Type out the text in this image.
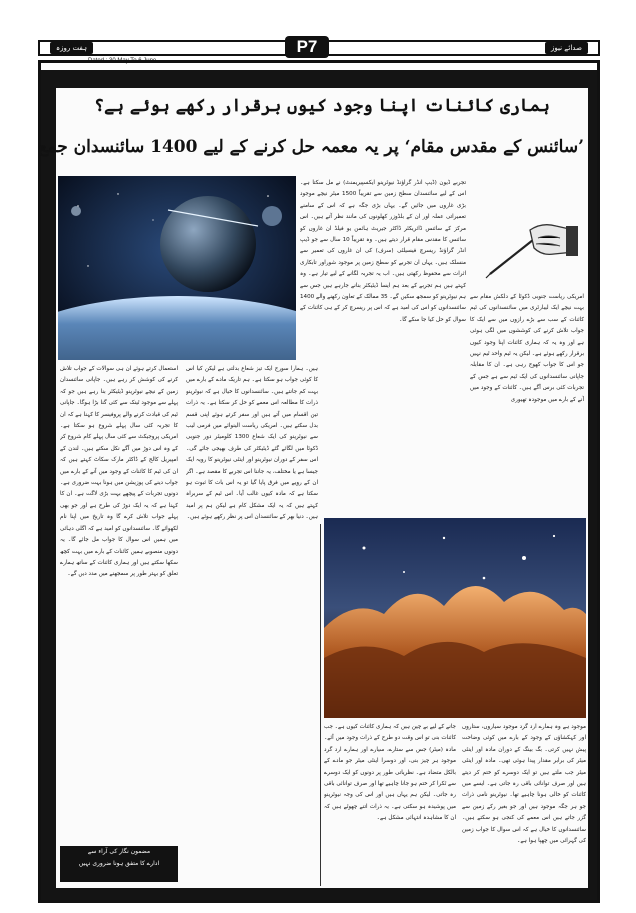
ہفت روزہ	صدائے نیوز
P7
Dated : 30 May To 6 June
ہماری کائنات اپنا وجود کیوں برقرار رکھے ہوئے ہے؟
’سائنس کے مقدس مقام‘ پر یہ معمہ حل کرنے کے لیے 1400 سائنسدان جمع
تجربے ڈیون (ڈیپ انڈر گراؤنڈ نیوٹرینو ایکسپیریمنٹ) نے مل سکتا ہے۔ اس کے لیے سائنسدان سطح زمین سے تقریباً 1500 میٹر نیچے موجود بڑی غاروں میں جائیں گے۔ یہاں بڑی جگہ ہے کہ اس کے سامنے تعمیراتی عملہ اور ان کے بلڈوزر کھلونوں کی مانند نظر آتے ہیں۔ اس مرکز کے سائنس ڈائریکٹر ڈاکٹر جیریٹ ہائمن یو فیلڈ ان غاروں کو سائنس کا مقدس مقام قرار دیتے ہیں۔ وہ تقریباً 10 سال سے جو ڈیپ انڈر گراؤنڈ ریسرچ فیسیلٹی (سرف) کی ان غاروں کی تعمیر سے منسلک ہیں۔ یہاں ان تجربے کو سطح زمین پر موجود شوراور تابکاری اثرات سے محفوظ رکھتی ہیں۔ اب یہ تجربہ لگانے کے لیے تیار ہے۔ وہ کہتے ہیں ہم تجربے کے بعد ہم ایسا ڈیٹیکٹر بنانے جارہے ہیں جس سے ہم نیوٹرینو کو سمجھ سکیں گے۔ 35 ممالک کے تعاون رکھنے والے 1400 سائنسدانوں کو اس کی امید ہے کہ اس پر ریسرچ کر کے ہی کائنات کے سوال کو حل کیا جا سکے گا۔
امریکی ریاست جنوبی ڈکوٹا کے دلکش مقام سے بہت نیچے ایک لیبارٹری میں سائنسدانوں کی ٹیم کائنات کے سب سے بڑے رازوں میں سے ایک کا جواب تلاش کرنے کی کوششوں میں لگی ہوئی ہے اور وہ یہ کہ ہماری کائنات اپنا وجود کیوں برقرار رکھے ہوئے ہے۔ لیکن یہ ٹیم واحد ٹیم نہیں جو اس کا جواب کھوج رہی ہے۔ ان کا مقابلہ جاپانی سائنسدانوں کی ایک ٹیم سے ہے جس کے تجربات کئی برس آگے ہیں۔ کائنات کے وجود میں آنے کے بارے میں موجودہ تھیوری
استعمال کرتے ہوئے ان ہی سوالات کے جواب تلاش کرنے کی کوشش کر رہے ہیں۔ جاپانی سائنسدان زمین کے نیچے نیوٹرینو ڈیٹیکٹر بنا رہے ہیں جو کہ پہلے سے موجود ٹینک سے کئی گنا بڑا ہوگا۔ جاپانی ٹیم کی قیادت کرنے والے پروفیسر کا کہنا ہے کہ ان کا تجربہ کئی سال پہلے شروع ہو سکتا ہے۔ امریکی پروجیکٹ سے کئی سال پہلے کام شروع کر کے وہ اس دوڑ میں آگے نکل سکتے ہیں۔ لندن کے امپیریل کالج کے ڈاکٹر مارک سکاٹ کہتے ہیں کہ ان کی ٹیم کا کائنات کے وجود میں آنے کے بارے میں جواب دینے کی پوزیشن میں ہونا بہت ضروری ہے۔ دونوں تجربات کے پیچھے بہت بڑی لاگت ہے۔ ان کا کہنا ہے کہ یہ ایک دوڑ کی طرح ہے اور جو بھی پہلے جواب تلاش کرے گا وہ تاریخ میں اپنا نام لکھوائے گا۔ سائنسدانوں کو امید ہے کہ اگلی دہائی میں ہمیں اس سوال کا جواب مل جائے گا۔ یہ دونوں منصوبے ہمیں کائنات کے بارے میں بہت کچھ سکھا سکتے ہیں اور ہماری کائنات کے ساتھ ہمارے تعلق کو بہتر طور پر سمجھنے میں مدد دیں گے۔
ہیں۔ ہمارا سورج ایک تیز شعاع بدلتی ہے لیکن کیا اس کا کوئی جواب ہو سکتا ہے۔ ہم تاریک مادے کے بارے میں بہت کم جانتے ہیں۔ سائنسدانوں کا خیال ہے کہ نیوٹرینو ذرات کا مطالعہ اس معمے کو حل کر سکتا ہے۔ یہ ذرات تین اقسام میں آتے ہیں اور سفر کرتے ہوئے اپنی قسم بدل سکتے ہیں۔ امریکی ریاست الینوائے میں فرمی لیب سے نیوٹرینو کی ایک شعاع 1300 کلومیٹر دور جنوبی ڈکوٹا میں لگائے گئے ڈیٹیکٹر کی طرف بھیجی جائے گی۔ اس سفر کے دوران نیوٹرینو اور اینٹی نیوٹرینو کا رویہ ایک جیسا ہے یا مختلف، یہ جاننا اس تجربے کا مقصد ہے۔ اگر ان کے رویے میں فرق پایا گیا تو یہ اس بات کا ثبوت ہو سکتا ہے کہ مادہ کیوں غالب آیا۔ اس ٹیم کے سربراہ کہتے ہیں کہ یہ ایک مشکل کام ہے لیکن ہم پر امید ہیں۔ دنیا بھر کے سائنسدان اس پر نظر رکھے ہوئے ہیں۔
جانے کے لیے بے چین ہیں کہ ہماری کائنات کیوں ہے۔ جب کائنات بنی تو اس وقت دو طرح کے ذرات وجود میں آئے۔ مادہ (میٹر) جس سے ستارے، سیارے اور ہمارے ارد گرد موجود ہر چیز بنی، اور دوسرا اینٹی میٹر جو مادے کے بالکل متضاد ہے۔ نظریاتی طور پر دونوں کو ایک دوسرے سے ٹکرا کر ختم ہو جانا چاہیے تھا اور صرف توانائی باقی رہ جاتی۔ لیکن ہم یہاں ہیں اور اس کی وجہ نیوٹرینو میں پوشیدہ ہو سکتی ہے۔ یہ ذرات اتنے چھوٹے ہیں کہ ان کا مشاہدہ انتہائی مشکل ہے۔
موجود ہے وہ ہمارے ارد گرد موجود سیاروں، ستاروں اور کہکشاؤں کے وجود کے بارے میں کوئی وضاحت پیش نہیں کرتی۔ بگ بینگ کے دوران مادہ اور اینٹی میٹر کی برابر مقدار پیدا ہوئی تھی۔ مادہ اور اینٹی میٹر جب ملتے ہیں تو ایک دوسرے کو ختم کر دیتے ہیں اور صرف توانائی باقی رہ جاتی ہے۔ ایسے میں کائنات کو خالی ہونا چاہیے تھا۔ نیوٹرینو نامی ذرات جو ہر جگہ موجود ہیں اور جو بغیر رکے زمین سے گزر جاتے ہیں اس معمے کی کنجی ہو سکتے ہیں۔ سائنسدانوں کا خیال ہے کہ اس سوال کا جواب زمین کی گہرائی میں چھپا ہوا ہے۔
مضمون نگار کی آراء سے
ادارے کا متفق ہونا ضروری نہیں
